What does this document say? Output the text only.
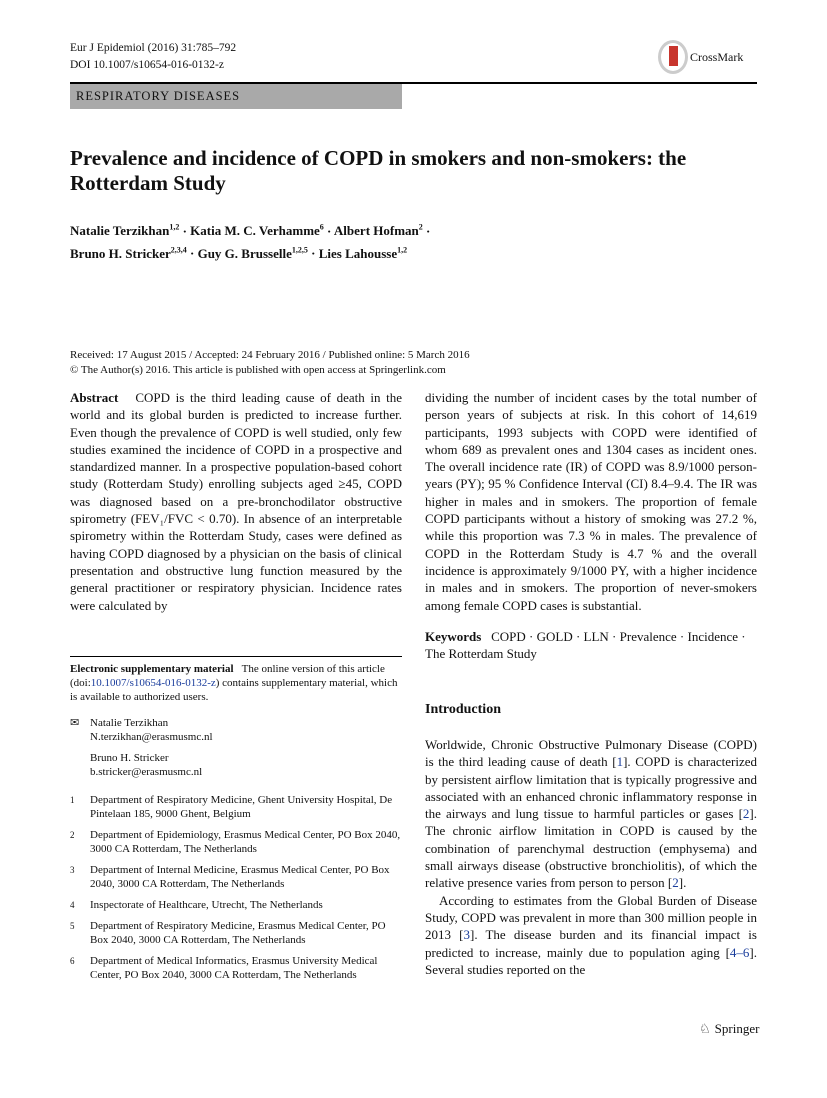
Eur J Epidemiol (2016) 31:785–792
DOI 10.1007/s10654-016-0132-z
CrossMark
RESPIRATORY DISEASES
Prevalence and incidence of COPD in smokers and non-smokers: the Rotterdam Study
Natalie Terzikhan$^{1,2}$ · Katia M. C. Verhamme$^6$ · Albert Hofman$^2$ ·
Bruno H. Stricker$^{2,3,4}$ · Guy G. Brusselle$^{1,2,5}$ · Lies Lahousse$^{1,2}$
Received: 17 August 2015 / Accepted: 24 February 2016 / Published online: 5 March 2016
© The Author(s) 2016. This article is published with open access at Springerlink.com

Abstract COPD is the third leading cause of death in the world and its global burden is predicted to increase further. Even though the prevalence of COPD is well studied, only few studies examined the incidence of COPD in a prospective and standardized manner. In a prospective population-based cohort study (Rotterdam Study) enrolling subjects aged ≥45, COPD was diagnosed based on a pre-bronchodilator obstructive spirometry (FEV₁/FVC < 0.70). In absence of an interpretable spirometry within the Rotterdam Study, cases were defined as having COPD diagnosed by a physician on the basis of clinical presentation and obstructive lung function measured by the general practitioner or respiratory physician. Incidence rates were calculated by

dividing the number of incident cases by the total number of person years of subjects at risk. In this cohort of 14,619 participants, 1993 subjects with COPD were identified of whom 689 as prevalent ones and 1304 cases as incident ones. The overall incidence rate (IR) of COPD was 8.9/1000 person-years (PY); 95 % Confidence Interval (CI) 8.4–9.4. The IR was higher in males and in smokers. The proportion of female COPD participants without a history of smoking was 27.2 %, while this proportion was 7.3 % in males. The prevalence of COPD in the Rotterdam Study is 4.7 % and the overall incidence is approximately 9/1000 PY, with a higher incidence in males and in smokers. The proportion of never-smokers among female COPD cases is substantial.

Keywords COPD · GOLD · LLN · Prevalence · Incidence · The Rotterdam Study

Electronic supplementary material The online version of this article (doi:10.1007/s10654-016-0132-z) contains supplementary material, which is available to authorized users.
✉ Natalie Terzikhan
N.terzikhan@erasmusmc.nl
Bruno H. Stricker
b.stricker@erasmusmc.nl
1	Department of Respiratory Medicine, Ghent University Hospital, De Pintelaan 185, 9000 Ghent, Belgium
2	Department of Epidemiology, Erasmus Medical Center, PO Box 2040, 3000 CA Rotterdam, The Netherlands
3	Department of Internal Medicine, Erasmus Medical Center, PO Box 2040, 3000 CA Rotterdam, The Netherlands
4	Inspectorate of Healthcare, Utrecht, The Netherlands
5	Department of Respiratory Medicine, Erasmus Medical Center, PO Box 2040, 3000 CA Rotterdam, The Netherlands
6	Department of Medical Informatics, Erasmus University Medical Center, PO Box 2040, 3000 CA Rotterdam, The Netherlands
Introduction

Worldwide, Chronic Obstructive Pulmonary Disease (COPD) is the third leading cause of death [1]. COPD is characterized by persistent airflow limitation that is typically progressive and associated with an enhanced chronic inflammatory response in the airways and lung tissue to harmful particles or gases [2]. The chronic airflow limitation in COPD is caused by the combination of parenchymal destruction (emphysema) and small airways disease (obstructive bronchiolitis), of which the relative presence varies from person to person [2].

According to estimates from the Global Burden of Disease Study, COPD was prevalent in more than 300 million people in 2013 [3]. The disease burden and its financial impact is predicted to increase, mainly due to population aging [4–6]. Several studies reported on the

♘ Springer
